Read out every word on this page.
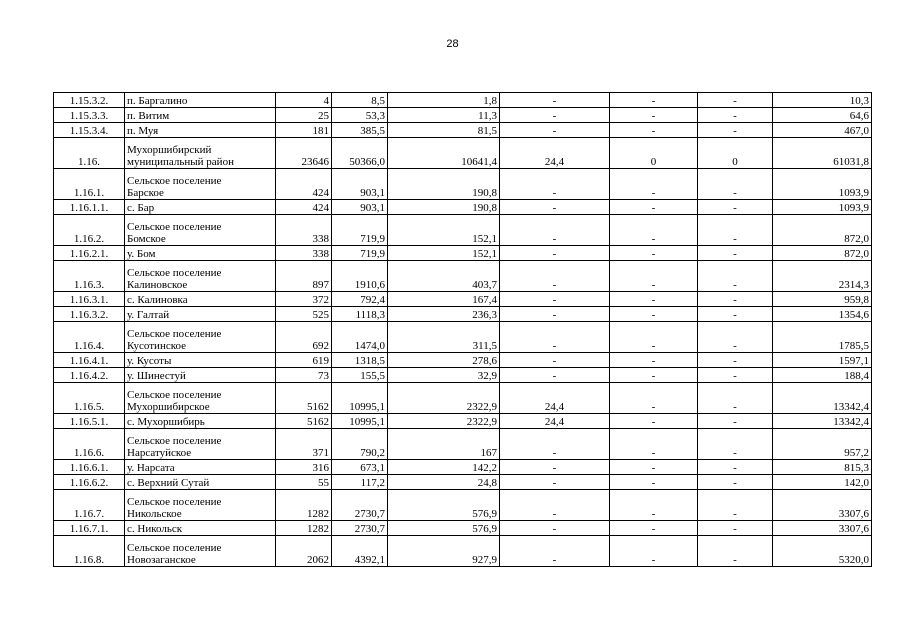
28
1.15.3.2.	п. Баргалино	4	8,5	1,8	-	-	-	10,3
1.15.3.3.	п. Витим	25	53,3	11,3	-	-	-	64,6
1.15.3.4.	п. Муя	181	385,5	81,5	-	-	-	467,0
1.16.	Мухоршибирский
муниципальный район	23646	50366,0	10641,4	24,4	0	0	61031,8
1.16.1.	Сельское поселение
Барское	424	903,1	190,8	-	-	-	1093,9
1.16.1.1.	с. Бар	424	903,1	190,8	-	-	-	1093,9
1.16.2.	Сельское поселение
Бомское	338	719,9	152,1	-	-	-	872,0
1.16.2.1.	у. Бом	338	719,9	152,1	-	-	-	872,0
1.16.3.	Сельское поселение
Калиновское	897	1910,6	403,7	-	-	-	2314,3
1.16.3.1.	с. Калиновка	372	792,4	167,4	-	-	-	959,8
1.16.3.2.	у. Галтай	525	1118,3	236,3	-	-	-	1354,6
1.16.4.	Сельское поселение
Кусотинское	692	1474,0	311,5	-	-	-	1785,5
1.16.4.1.	у. Кусоты	619	1318,5	278,6	-	-	-	1597,1
1.16.4.2.	у. Шинестуй	73	155,5	32,9	-	-	-	188,4
1.16.5.	Сельское поселение
Мухоршибирское	5162	10995,1	2322,9	24,4	-	-	13342,4
1.16.5.1.	с. Мухоршибирь	5162	10995,1	2322,9	24,4	-	-	13342,4
1.16.6.	Сельское поселение
Нарсатуйское	371	790,2	167	-	-	-	957,2
1.16.6.1.	у. Нарсата	316	673,1	142,2	-	-	-	815,3
1.16.6.2.	с. Верхний Сутай	55	117,2	24,8	-	-	-	142,0
1.16.7.	Сельское поселение
Никольское	1282	2730,7	576,9	-	-	-	3307,6
1.16.7.1.	с. Никольск	1282	2730,7	576,9	-	-	-	3307,6
1.16.8.	Сельское поселение
Новозаганское	2062	4392,1	927,9	-	-	-	5320,0
